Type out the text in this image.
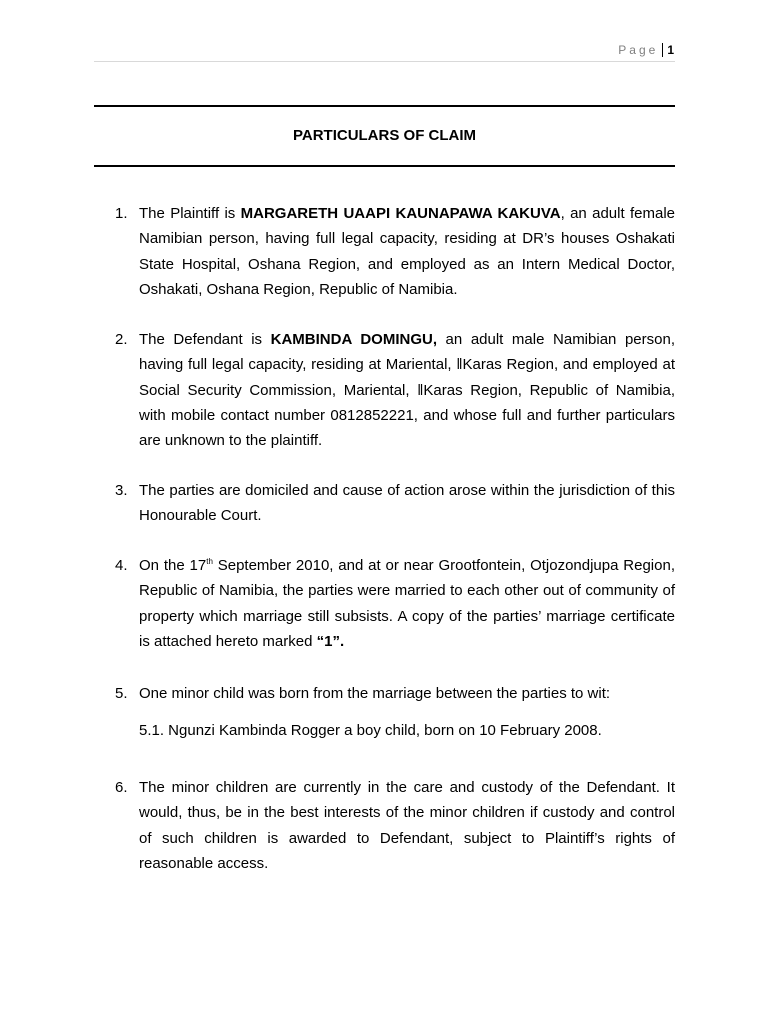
Page 1
PARTICULARS OF CLAIM
1. The Plaintiff is MARGARETH UAAPI KAUNAPAWA KAKUVA, an adult female Namibian person, having full legal capacity, residing at DR’s houses Oshakati State Hospital, Oshana Region, and employed as an Intern Medical Doctor, Oshakati, Oshana Region, Republic of Namibia.
2. The Defendant is KAMBINDA DOMINGU, an adult male Namibian person, having full legal capacity, residing at Mariental, ǁKaras Region, and employed at Social Security Commission, Mariental, ǁKaras Region, Republic of Namibia, with mobile contact number 0812852221, and whose full and further particulars are unknown to the plaintiff.
3. The parties are domiciled and cause of action arose within the jurisdiction of this Honourable Court.
4. On the 17th September 2010, and at or near Grootfontein, Otjozondjupa Region, Republic of Namibia, the parties were married to each other out of community of property which marriage still subsists. A copy of the parties’ marriage certificate is attached hereto marked “1”.
5. One minor child was born from the marriage between the parties to wit:
5.1. Ngunzi Kambinda Rogger a boy child, born on 10 February 2008.
6. The minor children are currently in the care and custody of the Defendant. It would, thus, be in the best interests of the minor children if custody and control of such children is awarded to Defendant, subject to Plaintiff’s rights of reasonable access.
